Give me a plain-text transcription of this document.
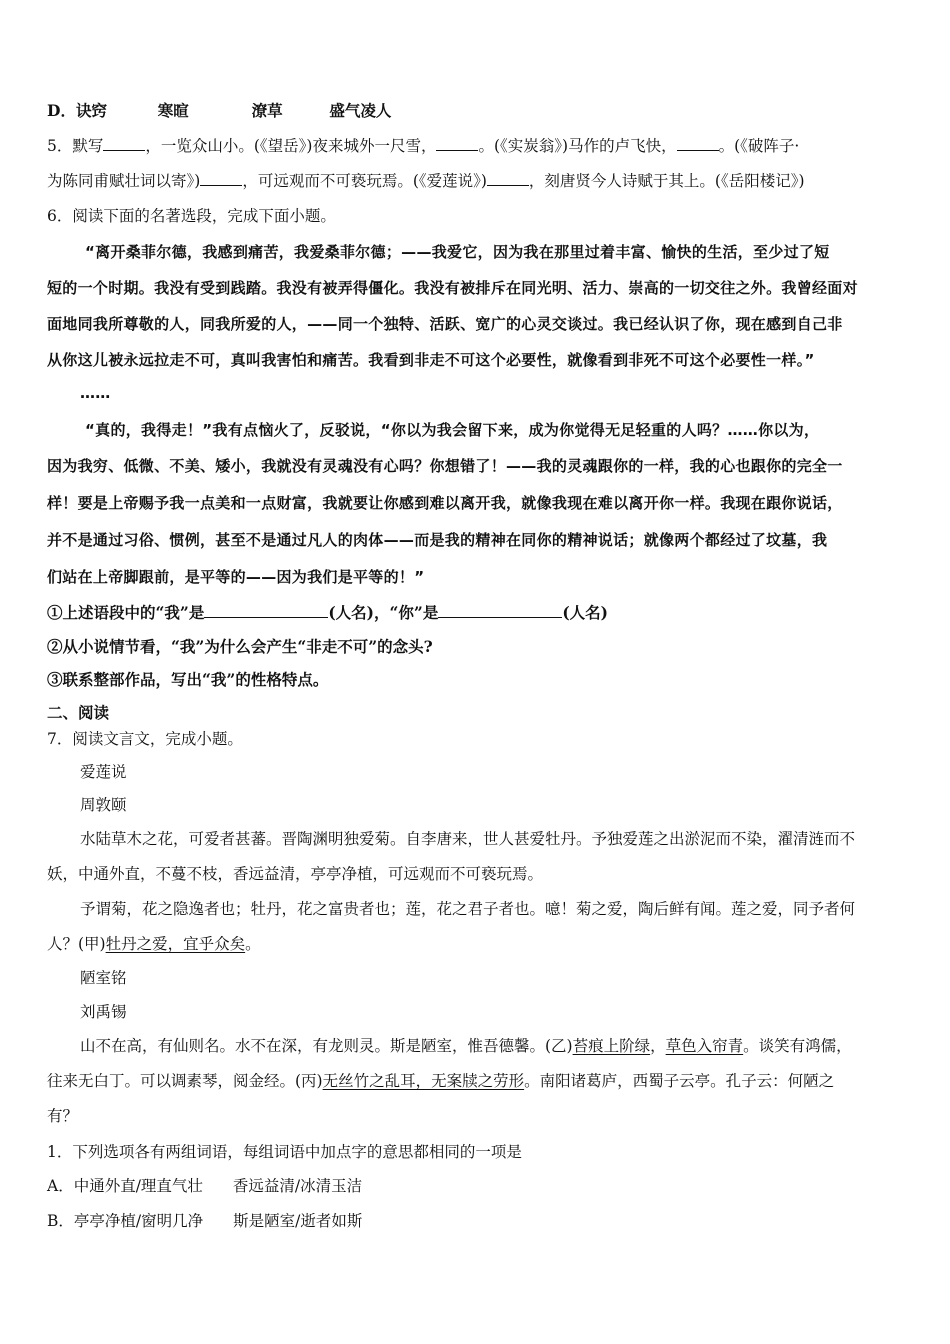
D．诀窍	寒暄	潦草	盛气凌人
5．默写	，一览众山小。(《望岳》)夜来城外一尺雪，	。(《实炭翁》)马作的卢飞快，	。(《破阵子·
为陈同甫赋壮词以寄》)	，可远观而不可亵玩焉。(《爱莲说》)	，刻唐贤今人诗赋于其上。(《岳阳楼记》)
6．阅读下面的名著选段，完成下面小题。
“离开桑菲尔德，我感到痛苦，我爱桑菲尔德；——我爱它，因为我在那里过着丰富、愉快的生活，至少过了短
短的一个时期。我没有受到践踏。我没有被弄得僵化。我没有被排斥在同光明、活力、崇高的一切交往之外。我曾经面对
面地同我所尊敬的人，同我所爱的人，——同一个独特、活跃、宽广的心灵交谈过。我已经认识了你，现在感到自己非
从你这儿被永远拉走不可，真叫我害怕和痛苦。我看到非走不可这个必要性，就像看到非死不可这个必要性一样。”
……
“真的，我得走！”我有点恼火了，反驳说，“你以为我会留下来，成为你觉得无足轻重的人吗？……你以为，
因为我穷、低微、不美、矮小，我就没有灵魂没有心吗？你想错了！——我的灵魂跟你的一样，我的心也跟你的完全一
样！要是上帝赐予我一点美和一点财富，我就要让你感到难以离开我，就像我现在难以离开你一样。我现在跟你说话，
并不是通过习俗、惯例，甚至不是通过凡人的肉体——而是我的精神在同你的精神说话；就像两个都经过了坟墓，我
们站在上帝脚跟前，是平等的——因为我们是平等的！”
①上述语段中的“我”是	(人名)，“你”是	(人名)
②从小说情节看，“我”为什么会产生“非走不可”的念头?
③联系整部作品，写出“我”的性格特点。
二、阅读
7．阅读文言文，完成小题。
爱莲说
周敦颐
水陆草木之花，可爱者甚蕃。晋陶渊明独爱菊。自李唐来，世人甚爱牡丹。予独爱莲之出淤泥而不染，濯清涟而不
妖，中通外直，不蔓不枝，香远益清，亭亭净植，可远观而不可亵玩焉。
予谓菊，花之隐逸者也；牡丹，花之富贵者也；莲，花之君子者也。噫！菊之爱，陶后鲜有闻。莲之爱，同予者何
人？(甲)牡丹之爱，宜乎众矣。
陋室铭
刘禹锡
山不在高，有仙则名。水不在深，有龙则灵。斯是陋室，惟吾德馨。(乙)苔痕上阶绿，草色入帘青。谈笑有鸿儒，
往来无白丁。可以调素琴，阅金经。(丙)无丝竹之乱耳，无案牍之劳形。南阳诸葛庐，西蜀子云亭。孔子云：何陋之
有？
1．下列选项各有两组词语，每组词语中加点字的意思都相同的一项是
A．中通外直/理直气壮 香远益清/冰清玉洁
B．亭亭净植/窗明几净 斯是陋室/逝者如斯
